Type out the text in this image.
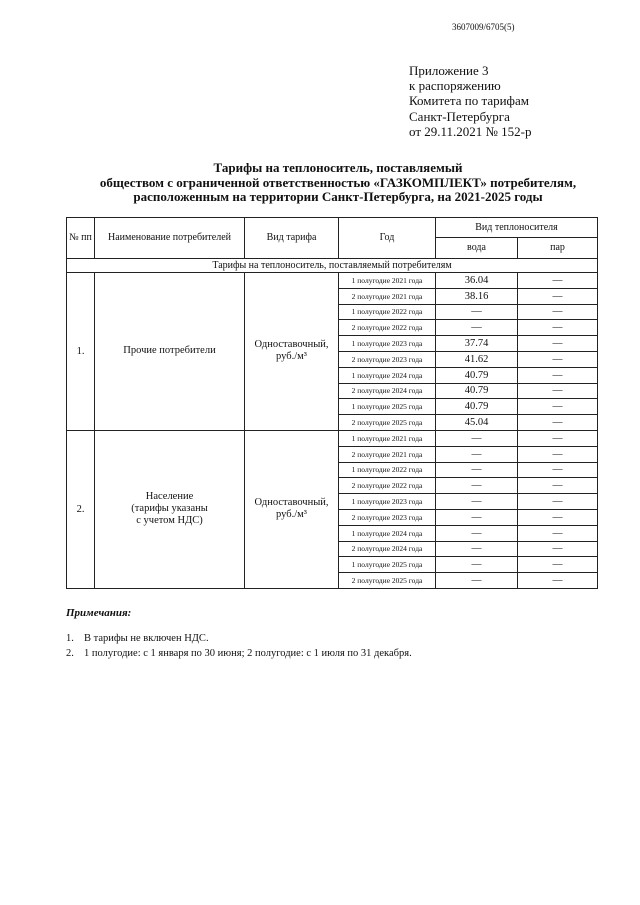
3607009/6705(5)
Приложение 3
к распоряжению
Комитета по тарифам
Санкт-Петербурга
от 29.11.2021 № 152-р
Тарифы на теплоноситель, поставляемый
обществом с ограниченной ответственностью «ГАЗКОМПЛЕКТ» потребителям,
расположенным на территории Санкт-Петербурга, на 2021-2025 годы
№ пп	Наименование потребителей	Вид тарифа	Год	Вид теплоносителя	
				вода	пар
Тарифы на теплоноситель, поставляемый потребителям					
1.	Прочие потребители	Одноставочный, руб./м³	1 полугодие 2021 года	36.04	—
			2 полугодие 2021 года	38.16	—
			1 полугодие 2022 года	—	—
			2 полугодие 2022 года	—	—
			1 полугодие 2023 года	37.74	—
			2 полугодие 2023 года	41.62	—
			1 полугодие 2024 года	40.79	—
			2 полугодие 2024 года	40.79	—
			1 полугодие 2025 года	40.79	—
			2 полугодие 2025 года	45.04	—
2.	Население
(тарифы указаны
с учетом НДС)	Одноставочный, руб./м³	1 полугодие 2021 года	—	—
			2 полугодие 2021 года	—	—
			1 полугодие 2022 года	—	—
			2 полугодие 2022 года	—	—
			1 полугодие 2023 года	—	—
			2 полугодие 2023 года	—	—
			1 полугодие 2024 года	—	—
			2 полугодие 2024 года	—	—
			1 полугодие 2025 года	—	—
			2 полугодие 2025 года	—	—
Примечания:
1. В тарифы не включен НДС.
2. 1 полугодие: с 1 января по 30 июня; 2 полугодие: с 1 июля по 31 декабря.
